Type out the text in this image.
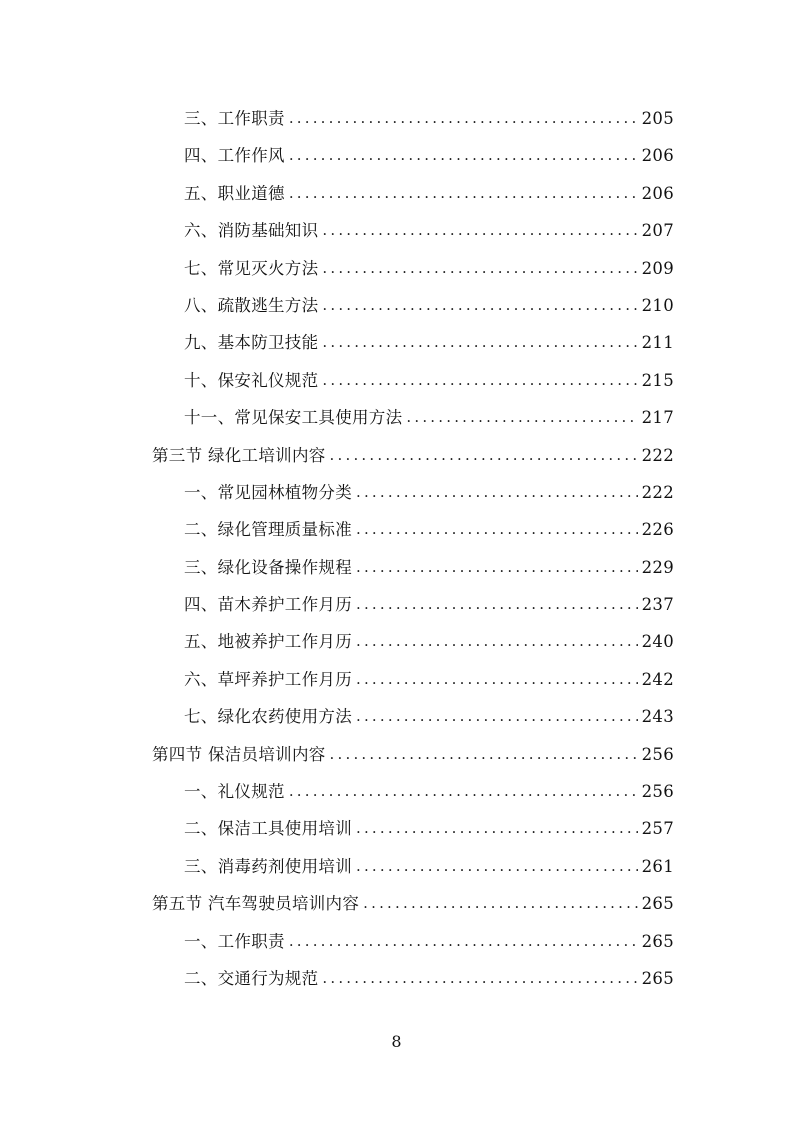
三、工作职责 .....	205
四、工作作风 .....	206
五、职业道德 .....	206
六、消防基础知识 .....	207
七、常见灭火方法 .....	209
八、疏散逃生方法 .....	210
九、基本防卫技能 .....	211
十、保安礼仪规范 .....	215
十一、常见保安工具使用方法 .....	217
第三节 绿化工培训内容 .....	222
一、常见园林植物分类 .....	222
二、绿化管理质量标准 .....	226
三、绿化设备操作规程 .....	229
四、苗木养护工作月历 .....	237
五、地被养护工作月历 .....	240
六、草坪养护工作月历 .....	242
七、绿化农药使用方法 .....	243
第四节 保洁员培训内容 .....	256
一、礼仪规范 .....	256
二、保洁工具使用培训 .....	257
三、消毒药剂使用培训 .....	261
第五节 汽车驾驶员培训内容 .....	265
一、工作职责 .....	265
二、交通行为规范 .....	265
8
